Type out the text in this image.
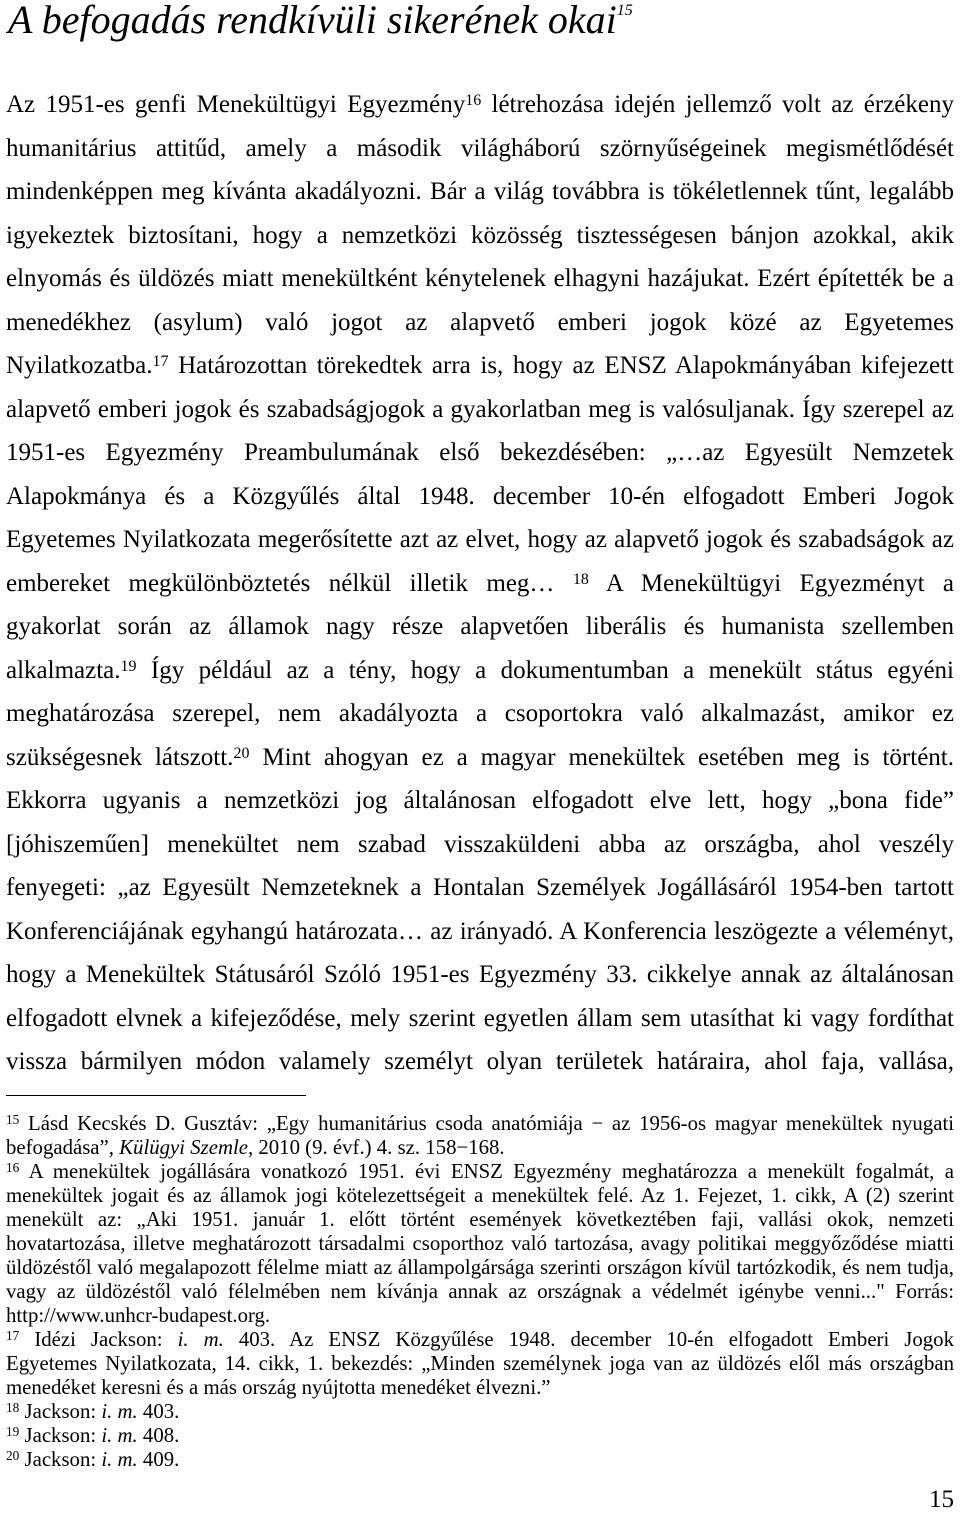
A befogadás rendkívüli sikerének okai$^{15}$
Az 1951-es genfi Menekültügyi Egyezmény$^{16}$ létrehozása idején jellemző volt az érzékeny
humanitárius attitűd, amely a második világháború szörnyűségeinek megismétlődését
mindenképpen meg kívánta akadályozni. Bár a világ továbbra is tökéletlennek tűnt, legalább
igyekeztek biztosítani, hogy a nemzetközi közösség tisztességesen bánjon azokkal, akik
elnyomás és üldözés miatt menekültként kénytelenek elhagyni hazájukat. Ezért építették be a
menedékhez (asylum) való jogot az alapvető emberi jogok közé az Egyetemes
Nyilatkozatba.$^{17}$ Határozottan törekedtek arra is, hogy az ENSZ Alapokmányában kifejezett
alapvető emberi jogok és szabadságjogok a gyakorlatban meg is valósuljanak. Így szerepel az
1951-es Egyezmény Preambulumának első bekezdésében: „…az Egyesült Nemzetek
Alapokmánya és a Közgyűlés által 1948. december 10-én elfogadott Emberi Jogok
Egyetemes Nyilatkozata megerősítette azt az elvet, hogy az alapvető jogok és szabadságok az
embereket megkülönböztetés nélkül illetik meg… $^{18}$ A Menekültügyi Egyezményt a
gyakorlat során az államok nagy része alapvetően liberális és humanista szellemben
alkalmazta.$^{19}$ Így például az a tény, hogy a dokumentumban a menekült státus egyéni
meghatározása szerepel, nem akadályozta a csoportokra való alkalmazást, amikor ez
szükségesnek látszott.$^{20}$ Mint ahogyan ez a magyar menekültek esetében meg is történt.
Ekkorra ugyanis a nemzetközi jog általánosan elfogadott elve lett, hogy „bona fide”
[jóhiszeműen] menekültet nem szabad visszaküldeni abba az országba, ahol veszély
fenyegeti: „az Egyesült Nemzeteknek a Hontalan Személyek Jogállásáról 1954-ben tartott
Konferenciájának egyhangú határozata… az irányadó. A Konferencia leszögezte a véleményt,
hogy a Menekültek Státusáról Szóló 1951-es Egyezmény 33. cikkelye annak az általánosan
elfogadott elvnek a kifejeződése, mely szerint egyetlen állam sem utasíthat ki vagy fordíthat
vissza bármilyen módon valamely személyt olyan területek határaira, ahol faja, vallása,
$^{15}$ Lásd Kecskés D. Gusztáv: „Egy humanitárius csoda anatómiája − az 1956-os magyar menekültek nyugati
befogadása”, Külügyi Szemle, 2010 (9. évf.) 4. sz. 158−168.
$^{16}$ A menekültek jogállására vonatkozó 1951. évi ENSZ Egyezmény meghatározza a menekült fogalmát, a
menekültek jogait és az államok jogi kötelezettségeit a menekültek felé. Az 1. Fejezet, 1. cikk, A (2) szerint
menekült az: „Aki 1951. január 1. előtt történt események következtében faji, vallási okok, nemzeti
hovatartozása, illetve meghatározott társadalmi csoporthoz való tartozása, avagy politikai meggyőződése miatti
üldözéstől való megalapozott félelme miatt az állampolgársága szerinti országon kívül tartózkodik, és nem tudja,
vagy az üldözéstől való félelmében nem kívánja annak az országnak a védelmét igénybe venni..." Forrás:
http://www.unhcr-budapest.org.
$^{17}$ Idézi Jackson: i. m. 403. Az ENSZ Közgyűlése 1948. december 10-én elfogadott Emberi Jogok
Egyetemes Nyilatkozata, 14. cikk, 1. bekezdés: „Minden személynek joga van az üldözés elől más országban
menedéket keresni és a más ország nyújtotta menedéket élvezni.”
$^{18}$ Jackson: i. m. 403.
$^{19}$ Jackson: i. m. 408.
$^{20}$ Jackson: i. m. 409.
15
